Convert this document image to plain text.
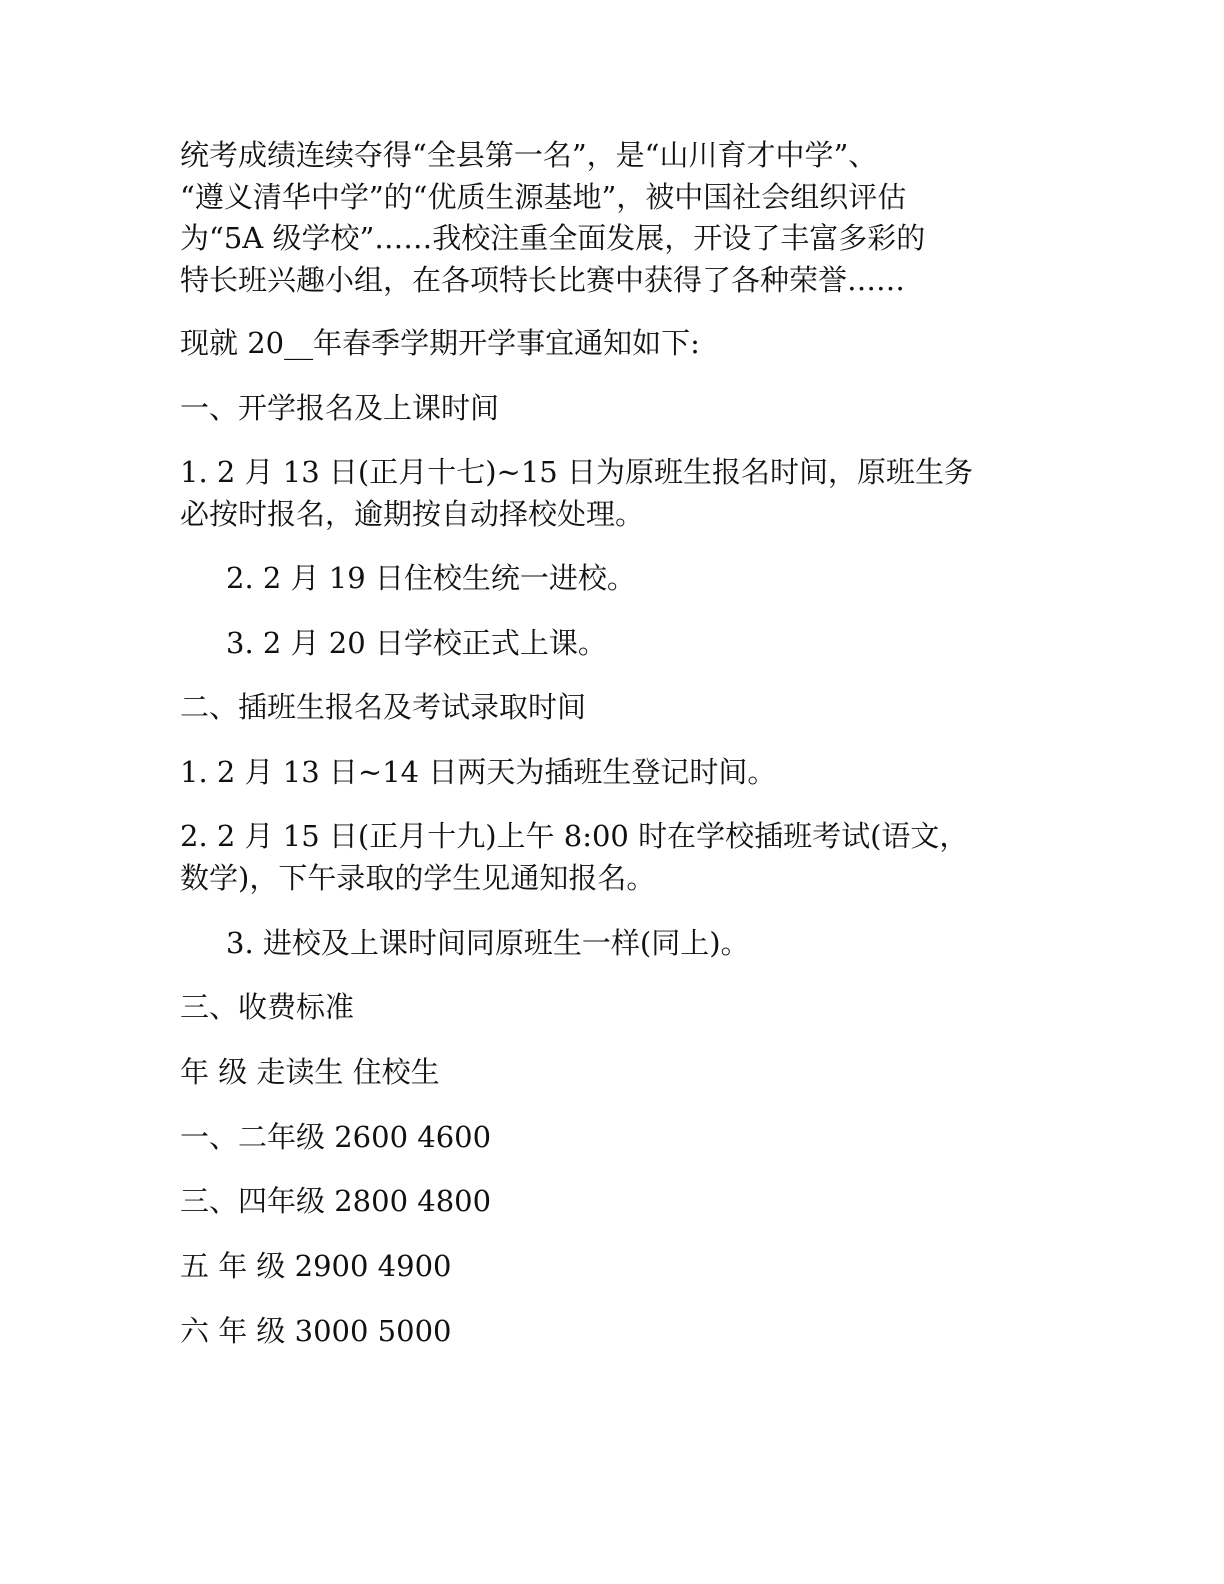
统考成绩连续夺得“全县第一名”，是“山川育才中学”、
“遵义清华中学”的“优质生源基地”，被中国社会组织评估
为“5A 级学校”……我校注重全面发展，开设了丰富多彩的
特长班兴趣小组，在各项特长比赛中获得了各种荣誉……
现就 20__年春季学期开学事宜通知如下:
一、开学报名及上课时间
1. 2 月 13 日(正月十七)~15 日为原班生报名时间，原班生务
必按时报名，逾期按自动择校处理。
2. 2 月 19 日住校生统一进校。
3. 2 月 20 日学校正式上课。
二、插班生报名及考试录取时间
1. 2 月 13 日~14 日两天为插班生登记时间。
2. 2 月 15 日(正月十九)上午 8:00 时在学校插班考试(语文，
数学)，下午录取的学生见通知报名。
3. 进校及上课时间同原班生一样(同上)。
三、收费标准
年 级 走读生 住校生
一、二年级 2600 4600
三、四年级 2800 4800
五 年 级 2900 4900
六 年 级 3000 5000
